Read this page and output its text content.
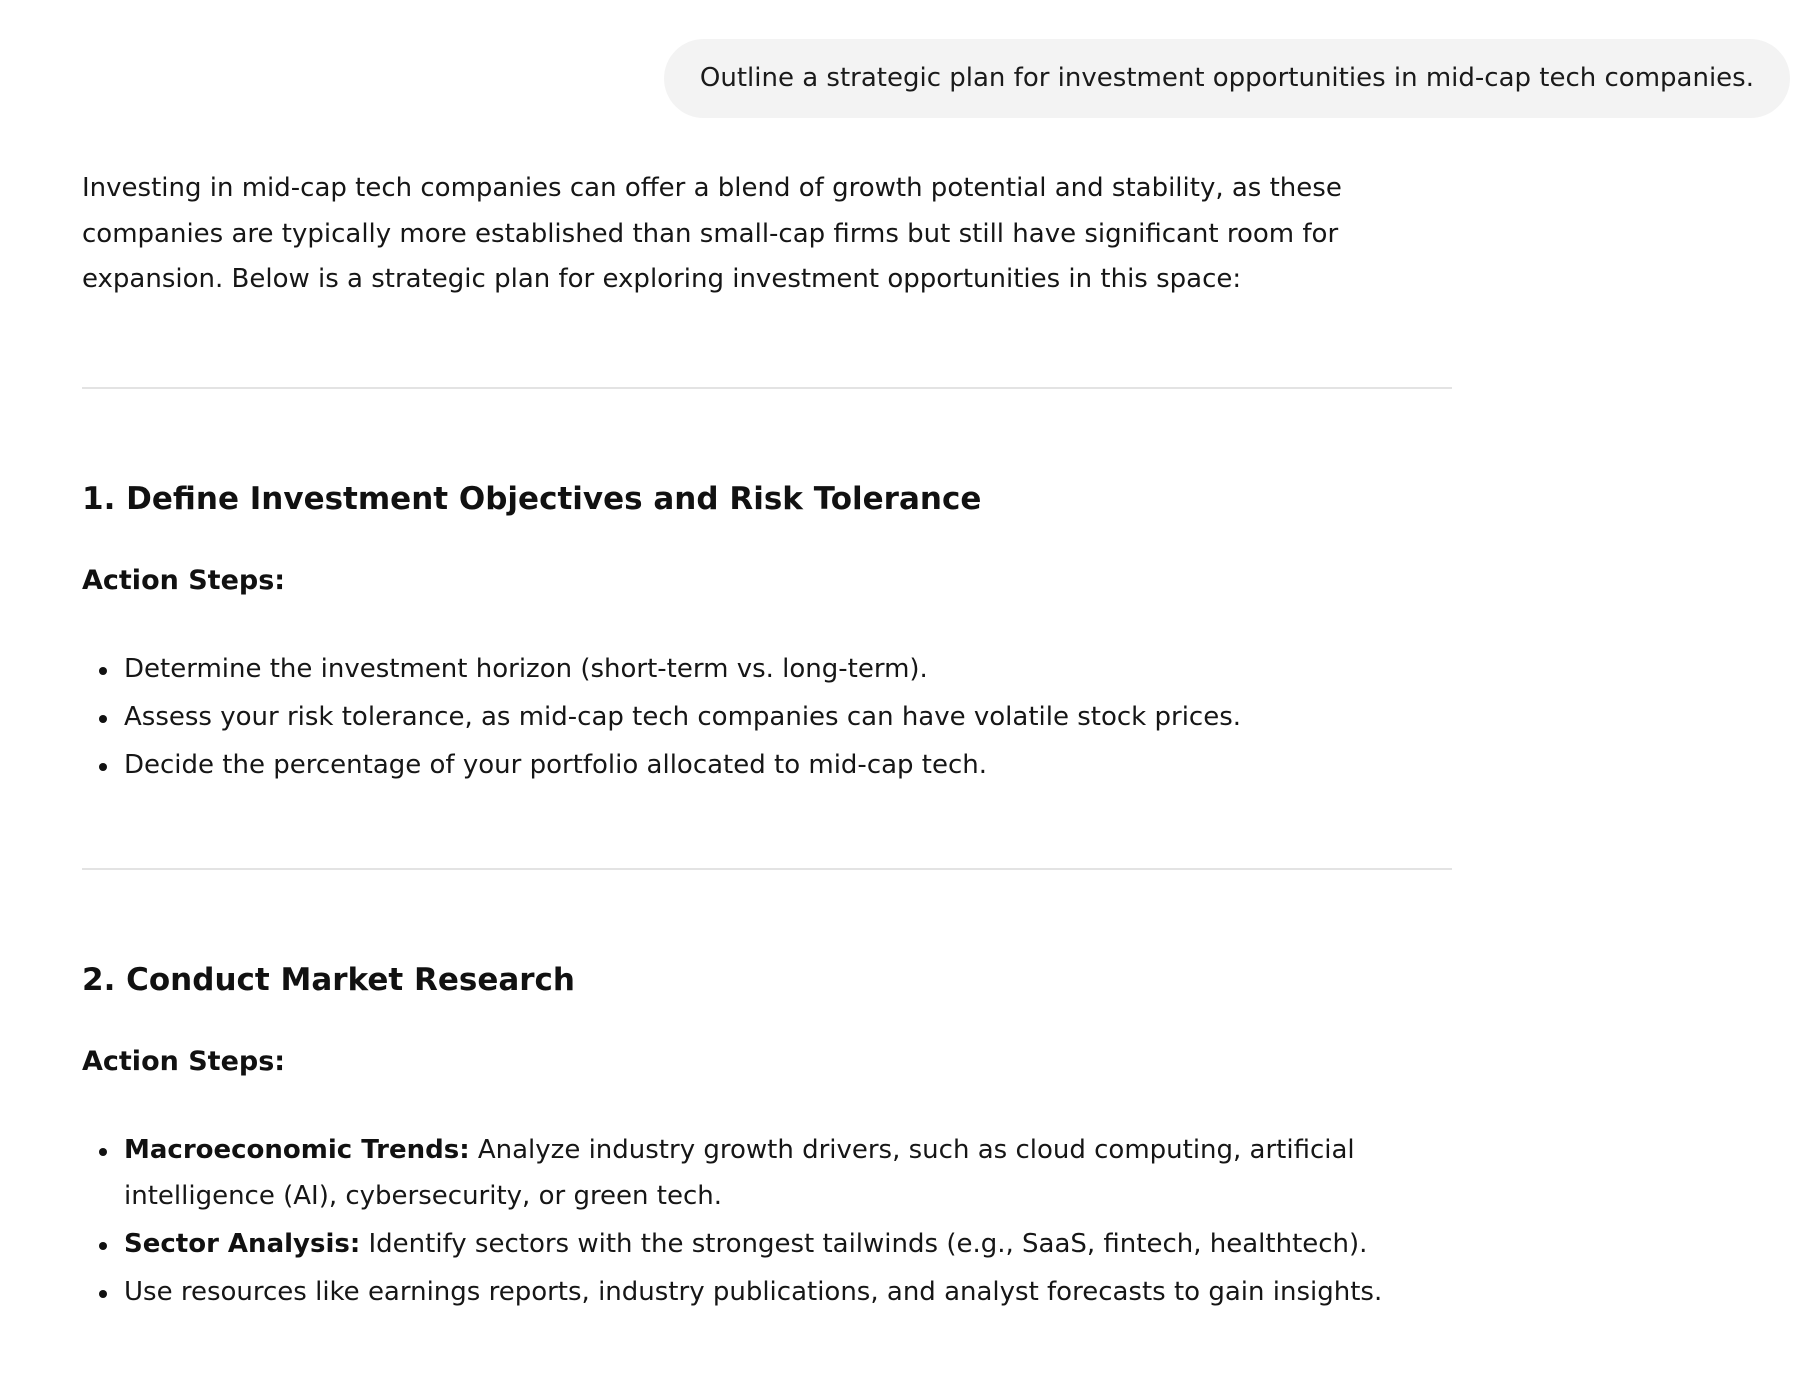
Outline a strategic plan for investment opportunities in mid-cap tech companies.

Investing in mid-cap tech companies can offer a blend of growth potential and stability, as these companies are typically more established than small-cap firms but still have significant room for expansion. Below is a strategic plan for exploring investment opportunities in this space:

1. Define Investment Objectives and Risk Tolerance
Action Steps:
Determine the investment horizon (short-term vs. long-term).
Assess your risk tolerance, as mid-cap tech companies can have volatile stock prices.
Decide the percentage of your portfolio allocated to mid-cap tech.
2. Conduct Market Research
Action Steps:
Macroeconomic Trends: Analyze industry growth drivers, such as cloud computing, artificial intelligence (AI), cybersecurity, or green tech.
Sector Analysis: Identify sectors with the strongest tailwinds (e.g., SaaS, fintech, healthtech).
Use resources like earnings reports, industry publications, and analyst forecasts to gain insights.
